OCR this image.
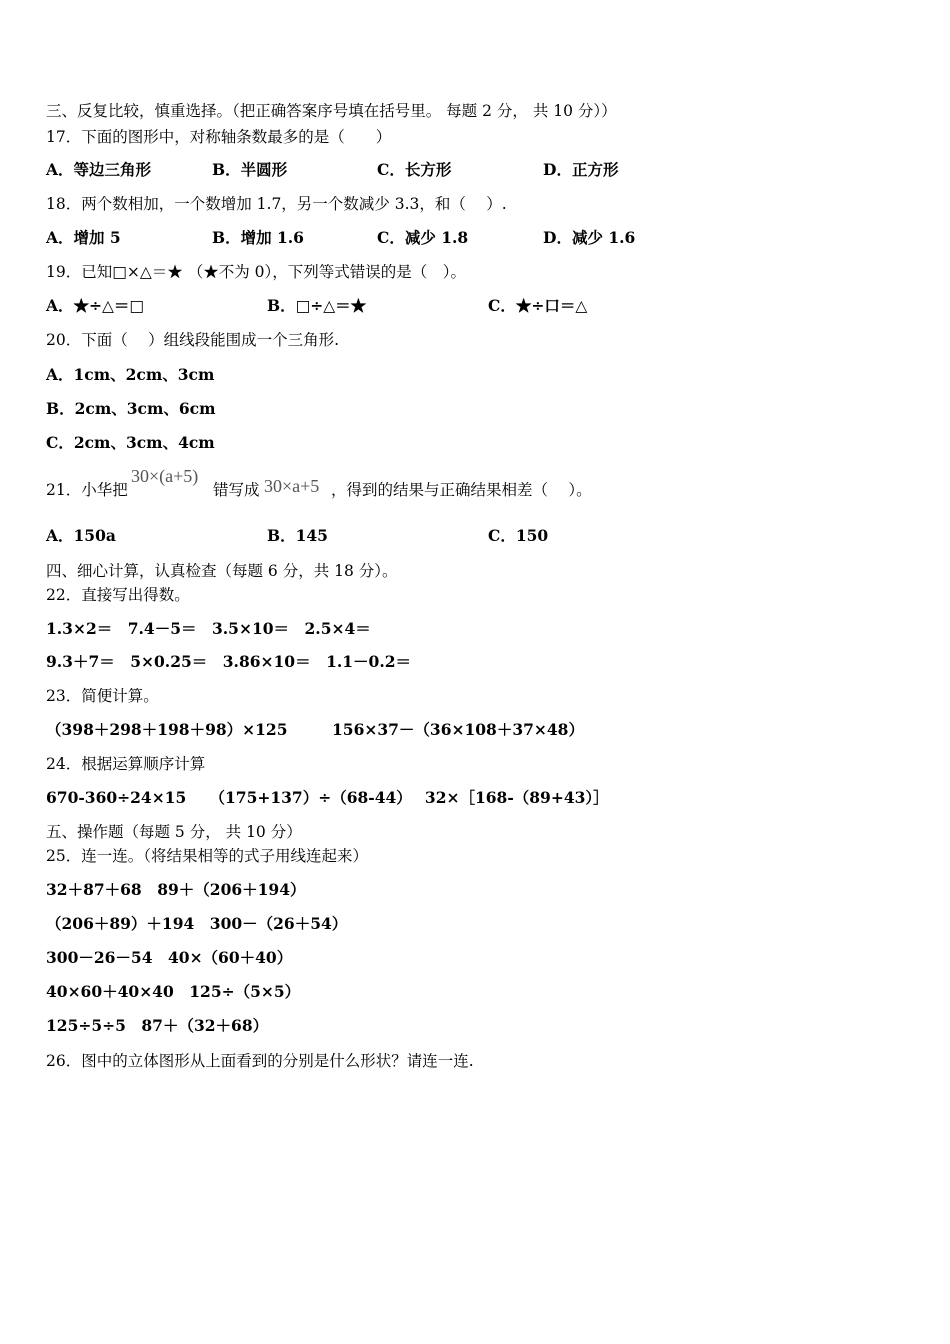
三、反复比较，慎重选择。（把正确答案序号填在括号里。 每题 2 分， 共 10 分））
17．下面的图形中，对称轴条数最多的是（　　）
A．等边三角形	B．半圆形	C．长方形	D．正方形
18．两个数相加，一个数增加 1.7，另一个数减少 3.3，和（　 ）.
A．增加 5	B．增加 1.6	C．减少 1.8	D．减少 1.6
19．已知□×△＝★ （★不为 0），下列等式错误的是（　）。
A．★÷△＝□	B．□÷△＝★	C．★÷口＝△
20．下面（　 ）组线段能围成一个三角形.
A．1cm、2cm、3cm
B．2cm、3cm、6cm
C．2cm、3cm、4cm
21．小华把
30×(a+5)
错写成 30×a+5 ，得到的结果与正确结果相差（　 ）。
A．150a	B．145	C．150
四、细心计算，认真检查（每题 6 分，共 18 分）。
22．直接写出得数。
1.3×2＝　7.4－5＝　3.5×10＝　2.5×4＝
9.3＋7＝　5×0.25＝　3.86×10＝　1.1－0.2＝
23．简便计算。
（398＋298＋198＋98）×125	156×37－（36×108＋37×48）
24．根据运算顺序计算
670-360÷24×15　　（175+137）÷（68-44）　 32×［168-（89+43）］
五、操作题（每题 5 分， 共 10 分）
25．连一连。（将结果相等的式子用线连起来）
32＋87＋68　89＋（206＋194）
（206＋89）＋194　300－（26＋54）
300－26－54　40×（60＋40）
40×60＋40×40　125÷（5×5）
125÷5÷5　87＋（32＋68）
26．图中的立体图形从上面看到的分别是什么形状？请连一连.
